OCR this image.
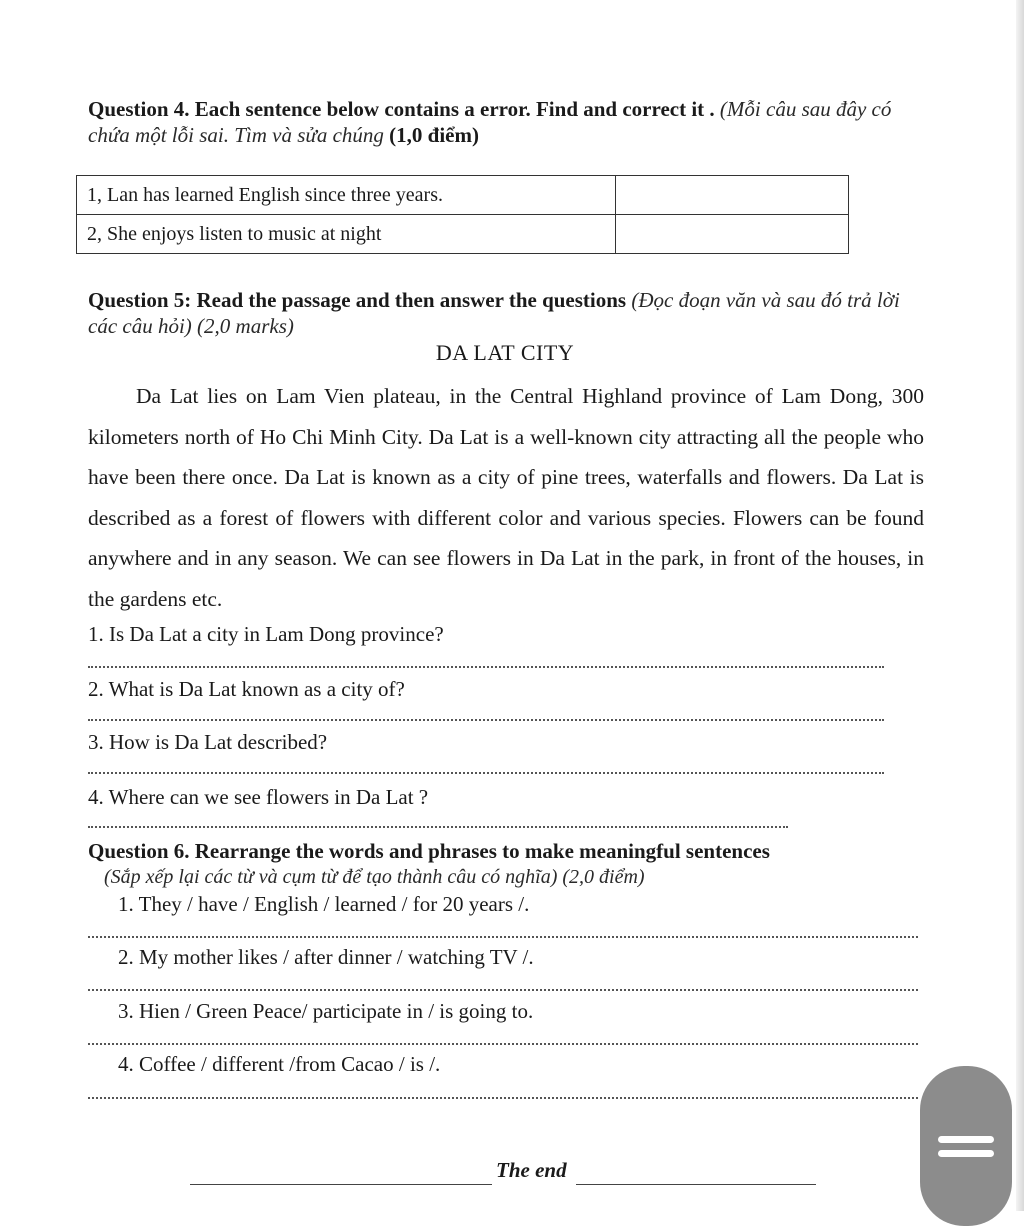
Question 4. Each sentence below contains a error. Find and correct it . (Mỗi câu sau đây có chứa một lỗi sai. Tìm và sửa chúng (1,0 điểm)
1, Lan has learned English since three years.	
2, She enjoys listen to music at night	
Question 5: Read the passage and then answer the questions (Đọc đoạn văn và sau đó trả lời các câu hỏi) (2,0 marks)
DA LAT CITY

Da Lat lies on Lam Vien plateau, in the Central Highland province of Lam Dong, 300 kilometers north of Ho Chi Minh City. Da Lat is a well-known city attracting all the people who have been there once. Da Lat is known as a city of pine trees, waterfalls and flowers. Da Lat is described as a forest of flowers with different color and various species. Flowers can be found anywhere and in any season. We can see flowers in Da Lat in the park, in front of the houses, in the gardens etc.

1. Is Da Lat a city in Lam Dong province?
2. What is Da Lat known as a city of?
3. How is Da Lat described?
4. Where can we see flowers in Da Lat ?
Question 6. Rearrange the words and phrases to make meaningful sentences
(Sắp xếp lại các từ và cụm từ để tạo thành câu có nghĩa) (2,0 điểm)
1. They / have / English / learned / for 20 years /.
2. My mother likes / after dinner / watching TV /.
3. Hien / Green Peace/ participate in / is going to.
4. Coffee / different /from Cacao / is /.
The end
